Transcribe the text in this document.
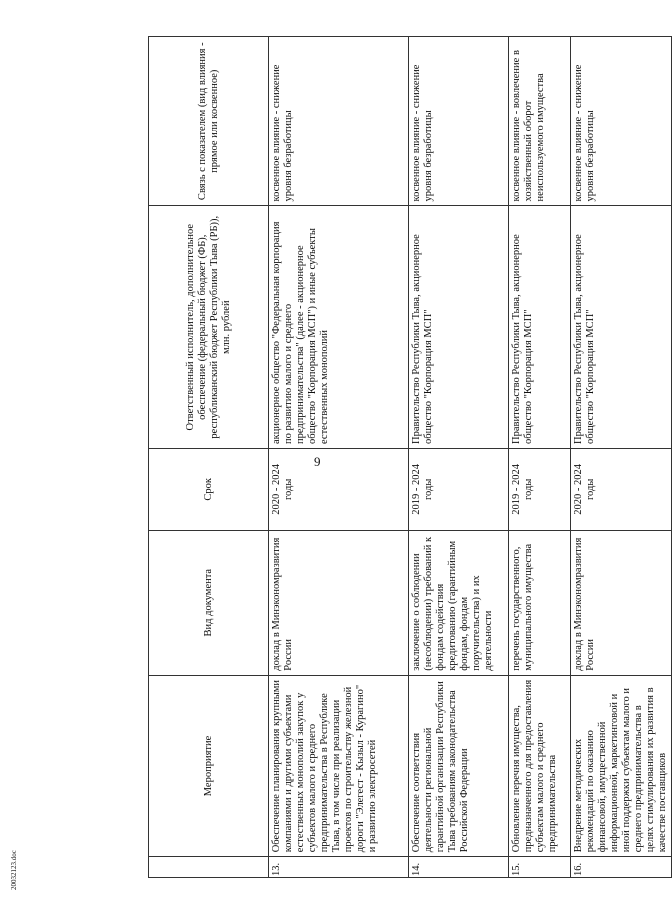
9
	Мероприятие	Вид документа	Срок	Ответственный исполнитель, дополнительное обеспечение (федеральный бюджет (ФБ), республиканский бюджет Республики Тыва (РБ)), млн. рублей	Связь с показателем (вид влияния - прямое или косвенное)
13.	Обеспечение планирования крупными компаниями и другими субъектами естественных монополий закупок у субъектов малого и среднего предпринимательства в Республике Тыва, в том числе при реализации проектов по строительству железной дороги "Элегест - Кызыл - Курагино" и развитию электросетей	доклад в Минэкономразвития России	2020 - 2024 годы	акционерное общество "Федеральная корпорация по развитию малого и среднего предпринимательства" (далее - акционерное общество "Корпорация МСП") и иные субъекты естественных монополий	косвенное влияние - снижение уровня безработицы
14.	Обеспечение соответствия деятельности региональной гарантийной организации Республики Тыва требованиям законодательства Российской Федерации	заключение о соблюдении (несоблюдении) требований к фондам содействия кредитованию (гарантийным фондам, фондам поручительства) и их деятельности	2019 - 2024 годы	Правительство Республики Тыва, акционерное общество "Корпорация МСП"	косвенное влияние - снижение уровня безработицы
15.	Обновление перечня имущества, предназначенного для предоставления субъектам малого и среднего предпринимательства	перечень государственного, муниципального имущества	2019 - 2024 годы	Правительство Республики Тыва, акционерное общество "Корпорация МСП"	косвенное влияние - вовлечение в хозяйственный оборот неиспользуемого имущества
16.	Внедрение методических рекомендаций по оказанию финансовой, имущественной информационной, маркетинговой и иной поддержки субъектам малого и среднего предпринимательства в целях стимулирования их развития в качестве поставщиков	доклад в Минэкономразвития России	2020 - 2024 годы	Правительство Республики Тыва, акционерное общество "Корпорация МСП"	косвенное влияние - снижение уровня безработицы
20032123.doc
